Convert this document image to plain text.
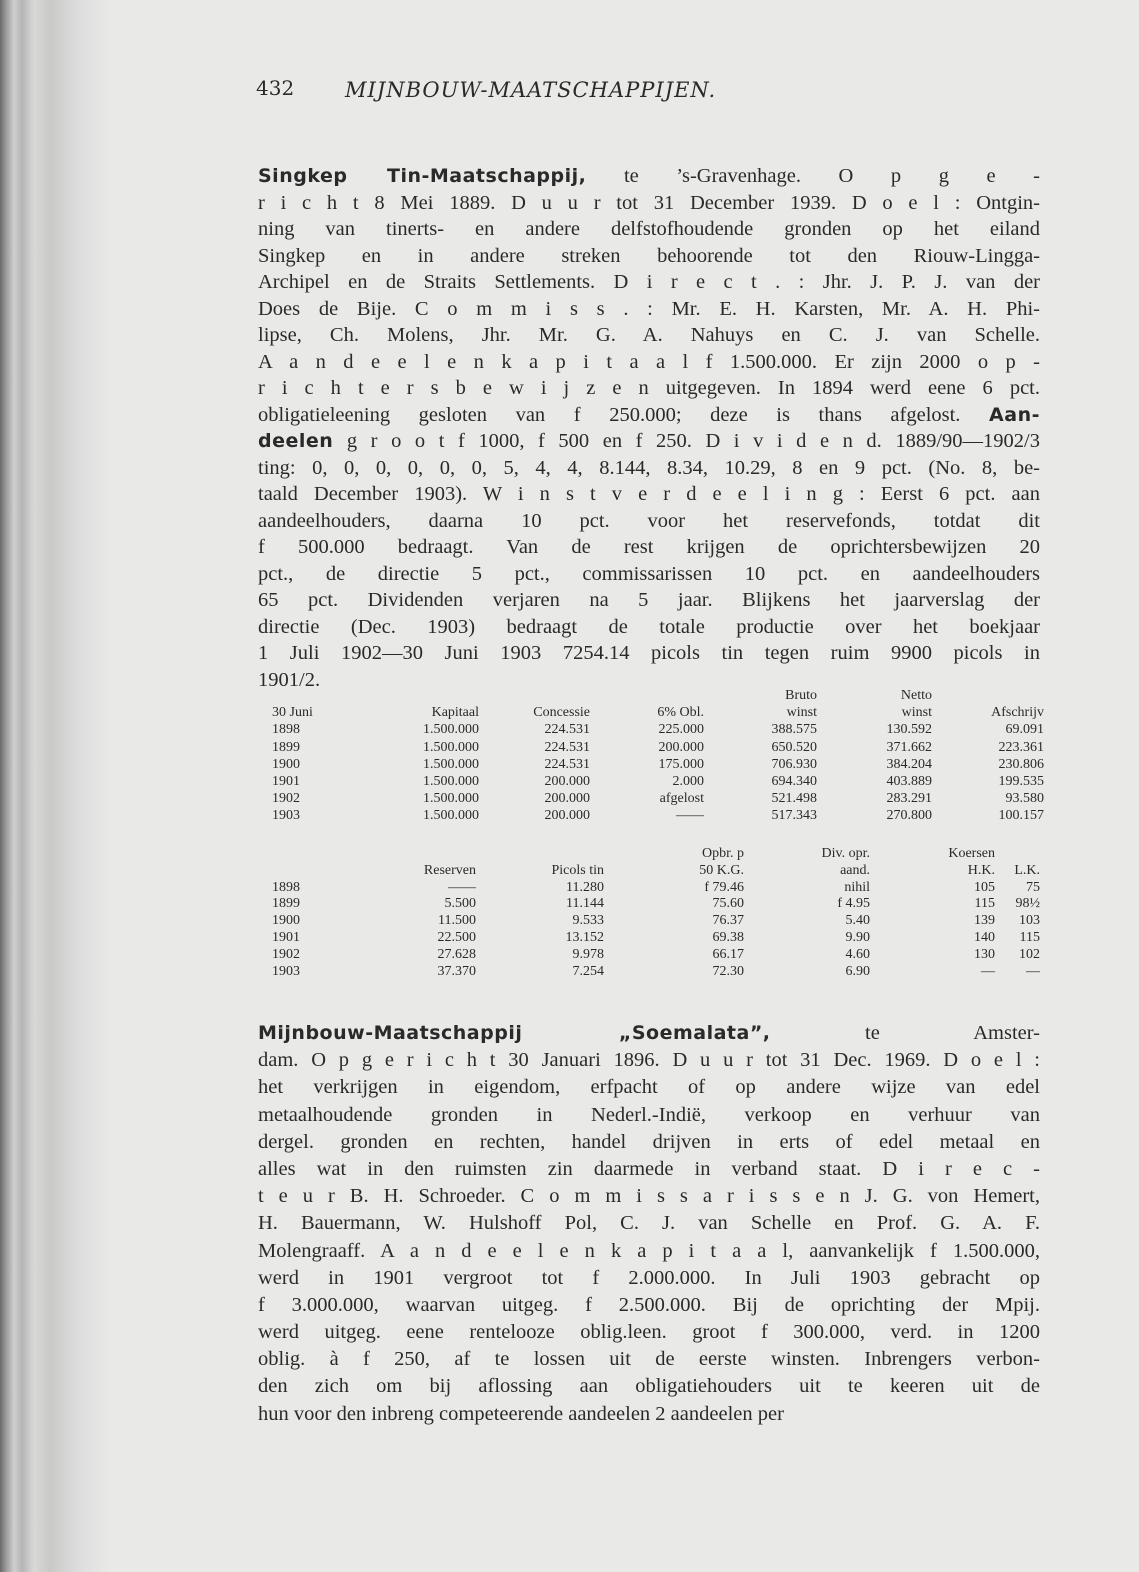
432 MIJNBOUW-MAATSCHAPPIJEN.
Singkep Tin-Maatschappij, te ’s-Gravenhage. O p g e -
r i c h t 8 Mei 1889. D u u r tot 31 December 1939. D o e l : Ontgin-
ning van tinerts- en andere delfstofhoudende gronden op het eiland
Singkep en in andere streken behoorende tot den Riouw-Lingga-
Archipel en de Straits Settlements. D i r e c t . : Jhr. J. P. J. van der
Does de Bije. C o m m i s s . : Mr. E. H. Karsten, Mr. A. H. Phi-
lipse, Ch. Molens, Jhr. Mr. G. A. Nahuys en C. J. van Schelle.
A a n d e e l e n k a p i t a a l f 1.500.000. Er zijn 2000 o p -
r i c h t e r s b e w i j z e n uitgegeven. In 1894 werd eene 6 pct.
obligatieleening gesloten van f 250.000; deze is thans afgelost. Aan-
deelen g r o o t f 1000, f 500 en f 250. D i v i d e n d. 1889/90—1902/3
ting: 0, 0, 0, 0, 0, 0, 5, 4, 4, 8.144, 8.34, 10.29, 8 en 9 pct. (No. 8, be-
taald December 1903). W i n s t v e r d e e l i n g : Eerst 6 pct. aan
aandeelhouders, daarna 10 pct. voor het reservefonds, totdat dit
f 500.000 bedraagt. Van de rest krijgen de oprichtersbewijzen 20
pct., de directie 5 pct., commissarissen 10 pct. en aandeelhouders
65 pct. Dividenden verjaren na 5 jaar. Blijkens het jaarverslag der
directie (Dec. 1903) bedraagt de totale productie over het boekjaar
1 Juli 1902—30 Juni 1903 7254.14 picols tin tegen ruim 9900 picols in
1901/2.
Bruto	Netto
30 Juni	Kapitaal	Concessie	6% Obl.	winst	winst	Afschrijv
1898	1.500.000	224.531	225.000	388.575	130.592	69.091
1899	1.500.000	224.531	200.000	650.520	371.662	223.361
1900	1.500.000	224.531	175.000	706.930	384.204	230.806
1901	1.500.000	200.000	2.000	694.340	403.889	199.535
1902	1.500.000	200.000	afgelost	521.498	283.291	93.580
1903	1.500.000	200.000	——	517.343	270.800	100.157
Opbr. p	Div. opr.	Koersen
Reserven	Picols tin	50 K.G.	aand.	H.K. L.K.
1898	——	11.280	f 79.46	nihil	105 75
1899	5.500	11.144	75.60	f 4.95	115 98½
1900	11.500	9.533	76.37	5.40	139 103
1901	22.500	13.152	69.38	9.90	140 115
1902	27.628	9.978	66.17	4.60	130 102
1903	37.370	7.254	72.30	6.90	— —
Mijnbouw-Maatschappij „Soemalata”, te Amster-
dam. O p g e r i c h t 30 Januari 1896. D u u r tot 31 Dec. 1969. D o e l :
het verkrijgen in eigendom, erfpacht of op andere wijze van edel
metaalhoudende gronden in Nederl.-Indië, verkoop en verhuur van
dergel. gronden en rechten, handel drijven in erts of edel metaal en
alles wat in den ruimsten zin daarmede in verband staat. D i r e c -
t e u r B. H. Schroeder. C o m m i s s a r i s s e n J. G. von Hemert,
H. Bauermann, W. Hulshoff Pol, C. J. van Schelle en Prof. G. A. F.
Molengraaff. A a n d e e l e n k a p i t a a l, aanvankelijk f 1.500.000,
werd in 1901 vergroot tot f 2.000.000. In Juli 1903 gebracht op
f 3.000.000, waarvan uitgeg. f 2.500.000. Bij de oprichting der Mpij.
werd uitgeg. eene rentelooze oblig.leen. groot f 300.000, verd. in 1200
oblig. à f 250, af te lossen uit de eerste winsten. Inbrengers verbon-
den zich om bij aflossing aan obligatiehouders uit te keeren uit de
hun voor den inbreng competeerende aandeelen 2 aandeelen per
